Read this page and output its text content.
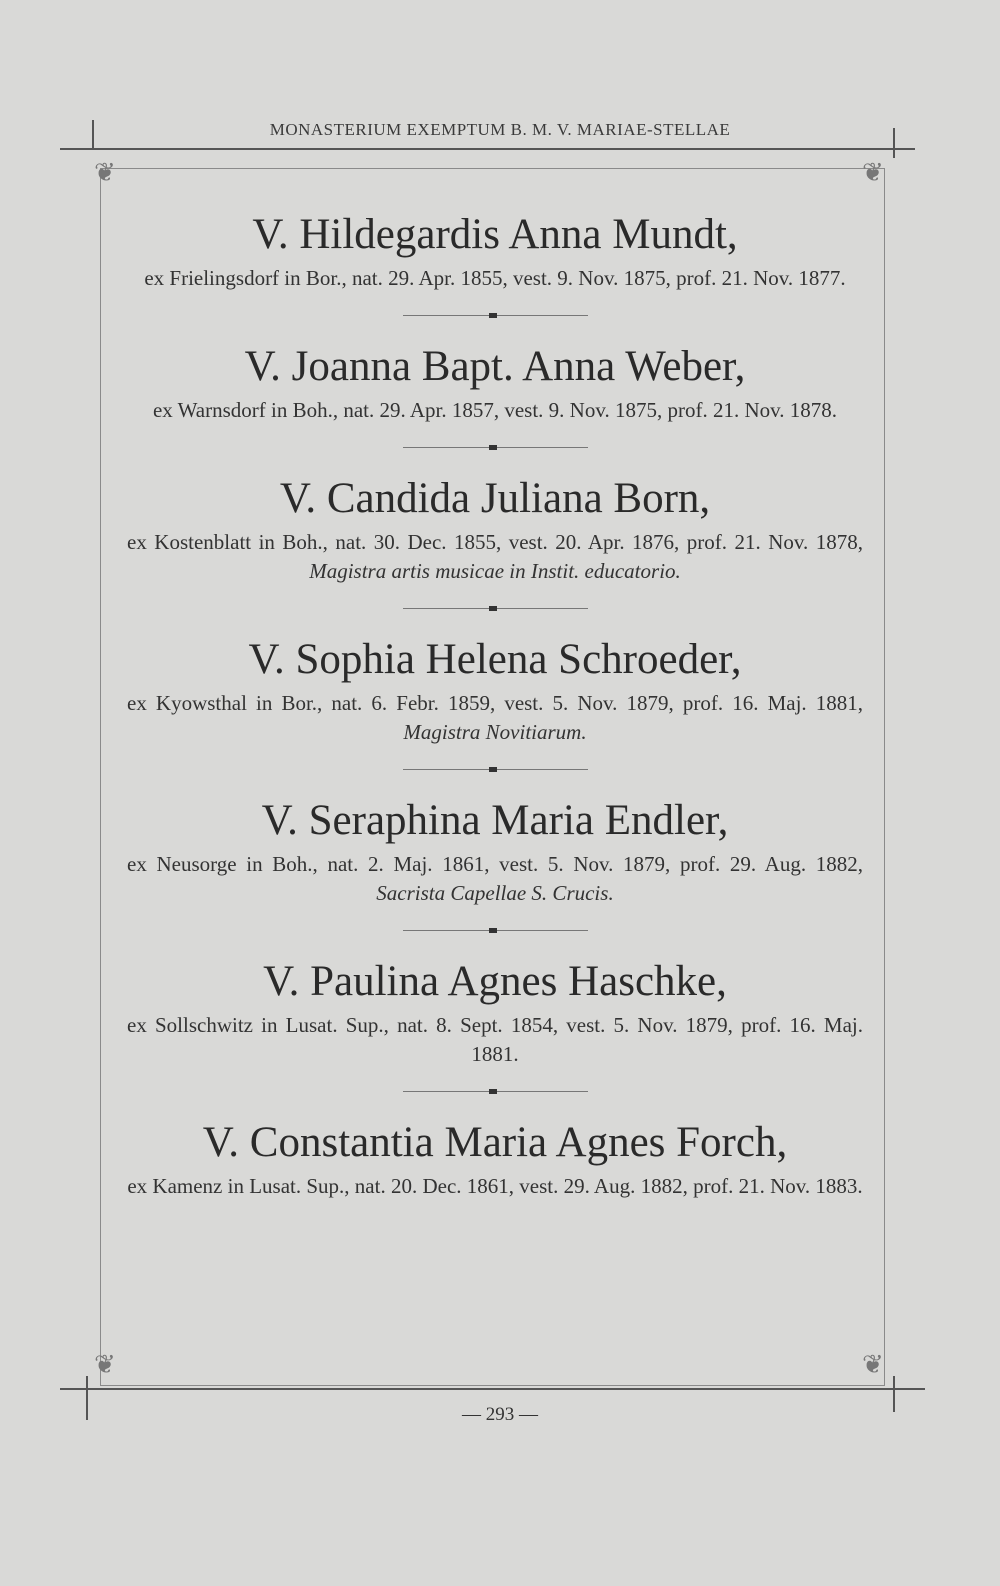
MONASTERIUM EXEMPTUM B. M. V. MARIAE-STELLAE
❦	❦
❦	❦
V. Hildegardis Anna Mundt,
ex Frielingsdorf in Bor., nat. 29. Apr. 1855, vest. 9. Nov. 1875, prof. 21. Nov. 1877.
V. Joanna Bapt. Anna Weber,
ex Warnsdorf in Boh., nat. 29. Apr. 1857, vest. 9. Nov. 1875, prof. 21. Nov. 1878.
V. Candida Juliana Born,
ex Kostenblatt in Boh., nat. 30. Dec. 1855, vest. 20. Apr. 1876, prof. 21. Nov. 1878, Magistra artis musicae in Instit. educatorio.
V. Sophia Helena Schroeder,
ex Kyowsthal in Bor., nat. 6. Febr. 1859, vest. 5. Nov. 1879, prof. 16. Maj. 1881, Magistra Novitiarum.
V. Seraphina Maria Endler,
ex Neusorge in Boh., nat. 2. Maj. 1861, vest. 5. Nov. 1879, prof. 29. Aug. 1882, Sacrista Capellae S. Crucis.
V. Paulina Agnes Haschke,
ex Sollschwitz in Lusat. Sup., nat. 8. Sept. 1854, vest. 5. Nov. 1879, prof. 16. Maj. 1881.
V. Constantia Maria Agnes Forch,
ex Kamenz in Lusat. Sup., nat. 20. Dec. 1861, vest. 29. Aug. 1882, prof. 21. Nov. 1883.
— 293 —
